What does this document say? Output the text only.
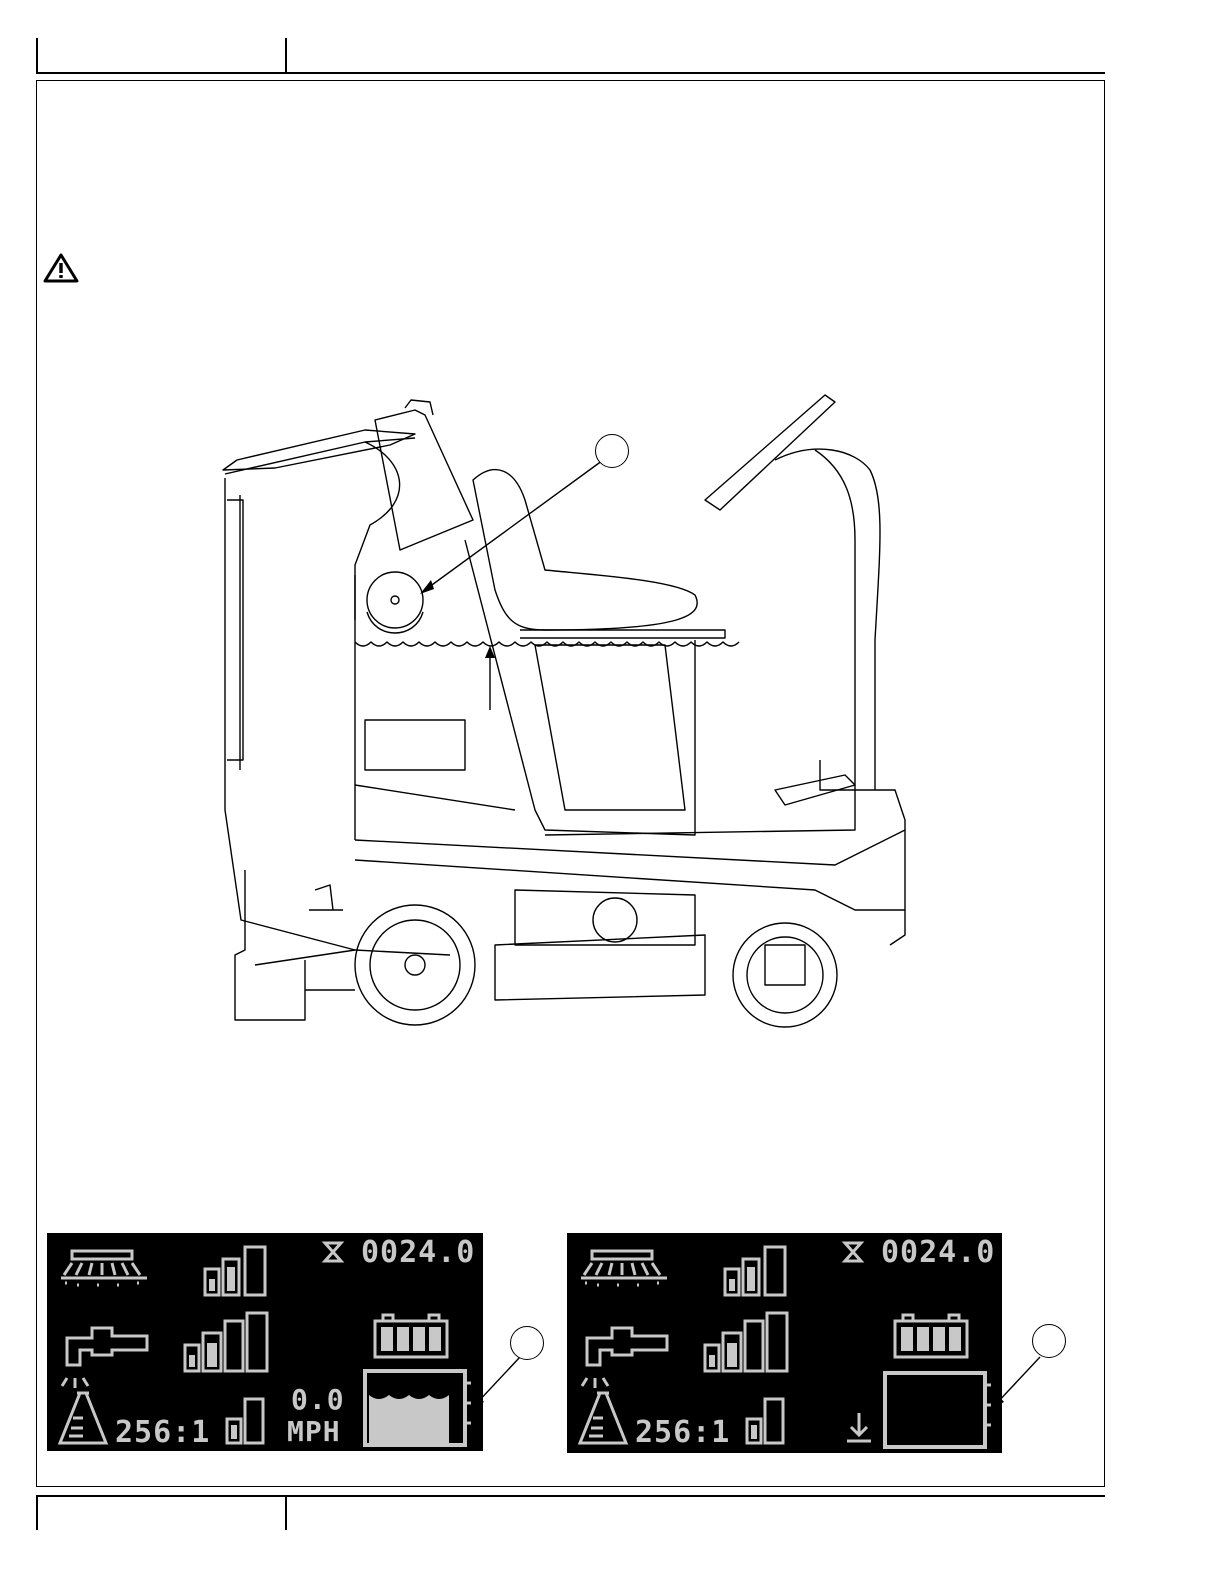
0024.0
256:1
0.0
MPH
0024.0
256:1
